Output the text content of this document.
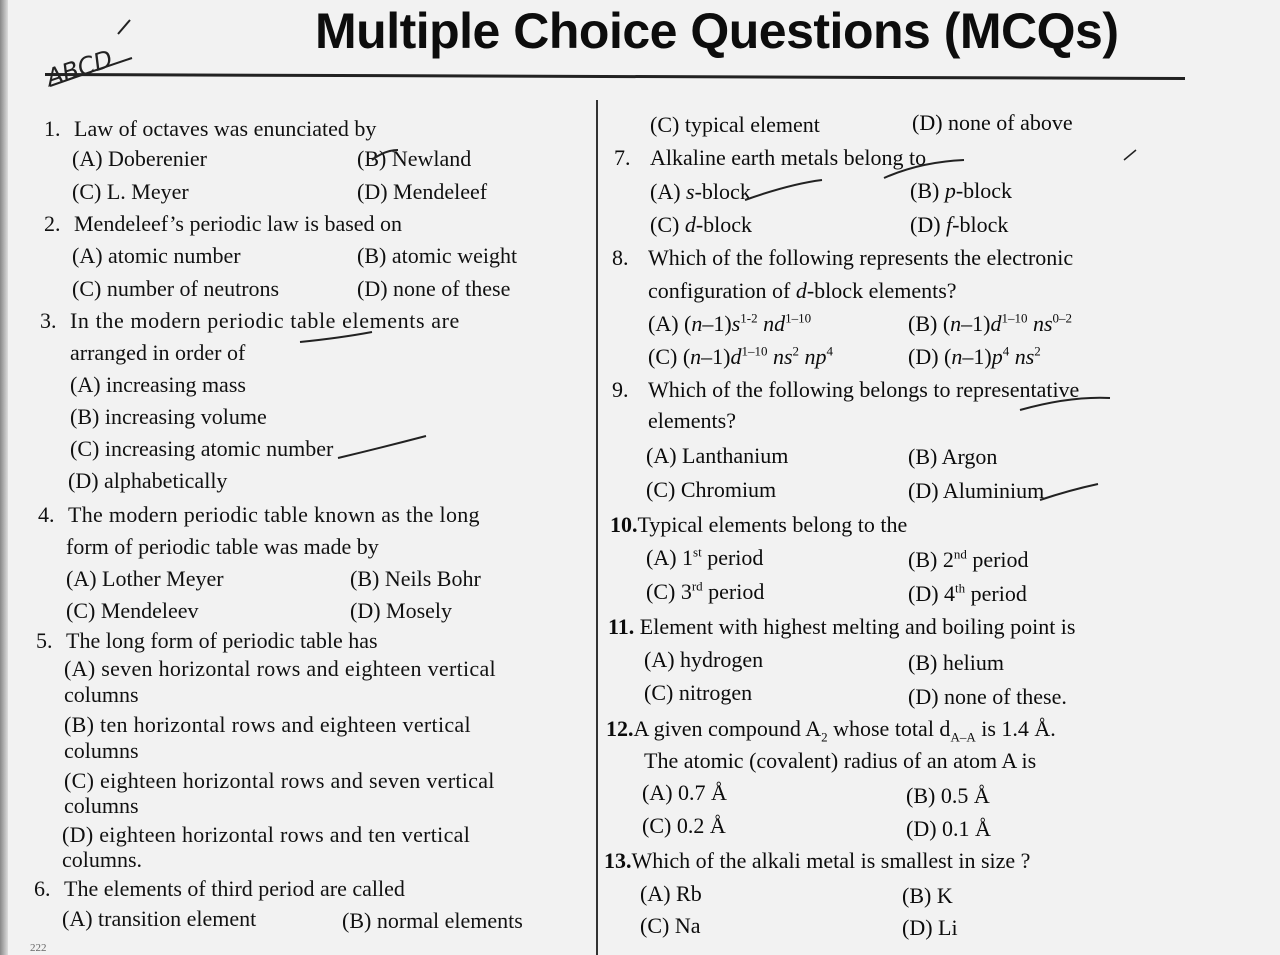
ABCD
Multiple Choice Questions (MCQs)
1. Law of octaves was enunciated by
(A) Doberenier	(B) Newland
(C) L. Meyer	(D) Mendeleef
2. Mendeleef’s periodic law is based on
(A) atomic number	(B) atomic weight
(C) number of neutrons	(D) none of these
3. In the modern periodic table elements are
arranged in order of
(A) increasing mass
(B) increasing volume
(C) increasing atomic number
(D) alphabetically
4. The modern periodic table known as the long
form of periodic table was made by
(A) Lother Meyer	(B) Neils Bohr
(C) Mendeleev	(D) Mosely
5. The long form of periodic table has
(A) seven horizontal rows and eighteen vertical
columns
(B) ten horizontal rows and eighteen vertical
columns
(C) eighteen horizontal rows and seven vertical
columns
(D) eighteen horizontal rows and ten vertical
columns.
6. The elements of third period are called
(A) transition element	(B) normal elements
(C) typical element	(D) none of above
7. Alkaline earth metals belong to
(A) s-block	(B) p-block
(C) d-block	(D) f-block
8. Which of the following represents the electronic
configuration of d-block elements?
(A) $(n-1)s^{1-2}$ $nd^{1-10}$	(B) $(n-1)d^{1-10}$ $ns^{0-2}$
(C) $(n-1)d^{1-10}$ $ns^2$ $np^4$	(D) $(n-1)p^4$ $ns^2$
9. Which of the following belongs to representative
elements?
(A) Lanthanium	(B) Argon
(C) Chromium	(D) Aluminium
10.Typical elements belong to the
(A) 1st period	(B) 2nd period
(C) 3rd period	(D) 4th period
11. Element with highest melting and boiling point is
(A) hydrogen	(B) helium
(C) nitrogen	(D) none of these.
12.A given compound $A_2$ whose total $d_{A-A}$ is 1.4 Å.
The atomic (covalent) radius of an atom A is
(A) 0.7 Å	(B) 0.5 Å
(C) 0.2 Å	(D) 0.1 Å
13.Which of the alkali metal is smallest in size ?
(A) Rb	(B) K
(C) Na	(D) Li
222
